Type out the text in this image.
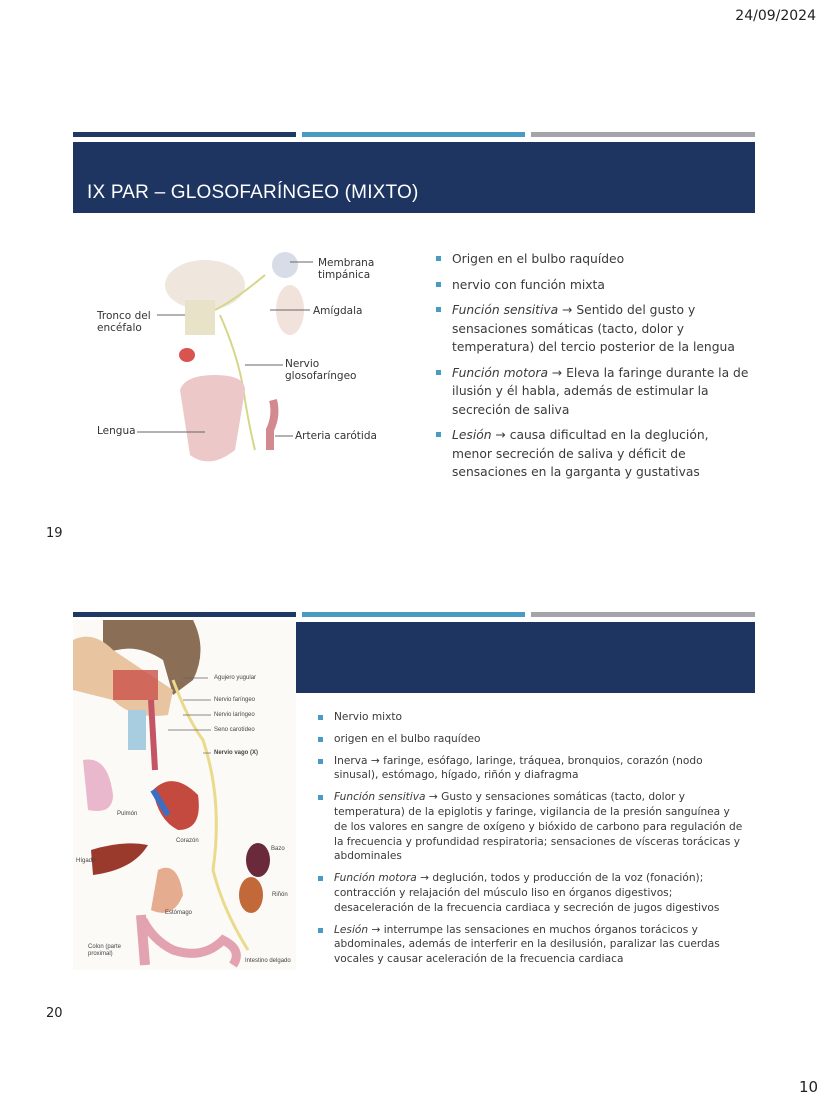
24/09/2024
IX PAR – GLOSOFARÍNGEO (MIXTO)
Membrana timpánica
Tronco del encéfalo
Amígdala
Nervio glosofaríngeo
Lengua	Arteria carótida
Origen en el bulbo raquídeo
nervio con función mixta
Función sensitiva → Sentido del gusto y sensaciones somáticas (tacto, dolor y temperatura) del tercio posterior de la lengua
Función motora → Eleva la faringe durante la de ilusión y él habla, además de estimular la secreción de saliva
Lesión → causa dificultad en la deglución, menor secreción de saliva y déficit de sensaciones en la garganta y gustativas
19
Agujero yugular
Nervio faríngeo
Nervio laríngeo
Seno carotídeo
Nervio vago (X)
Pulmón
Corazón
Hígado
Bazo
Riñón
Estómago
Colon (parte proximal)
Intestino delgado
Nervio mixto
origen en el bulbo raquídeo
Inerva → faringe, esófago, laringe, tráquea, bronquios, corazón (nodo sinusal), estómago, hígado, riñón y diafragma
Función sensitiva → Gusto y sensaciones somáticas (tacto, dolor y temperatura) de la epiglotis y faringe, vigilancia de la presión sanguínea y de los valores en sangre de oxígeno y bióxido de carbono para regulación de la frecuencia y profundidad respiratoria; sensaciones de vísceras torácicas y abdominales
Función motora → deglución, todos y producción de la voz (fonación); contracción y relajación del músculo liso en órganos digestivos; desaceleración de la frecuencia cardiaca y secreción de jugos digestivos
Lesión → interrumpe las sensaciones en muchos órganos torácicos y abdominales, además de interferir en la desilusión, paralizar las cuerdas vocales y causar aceleración de la frecuencia cardiaca
20
10
